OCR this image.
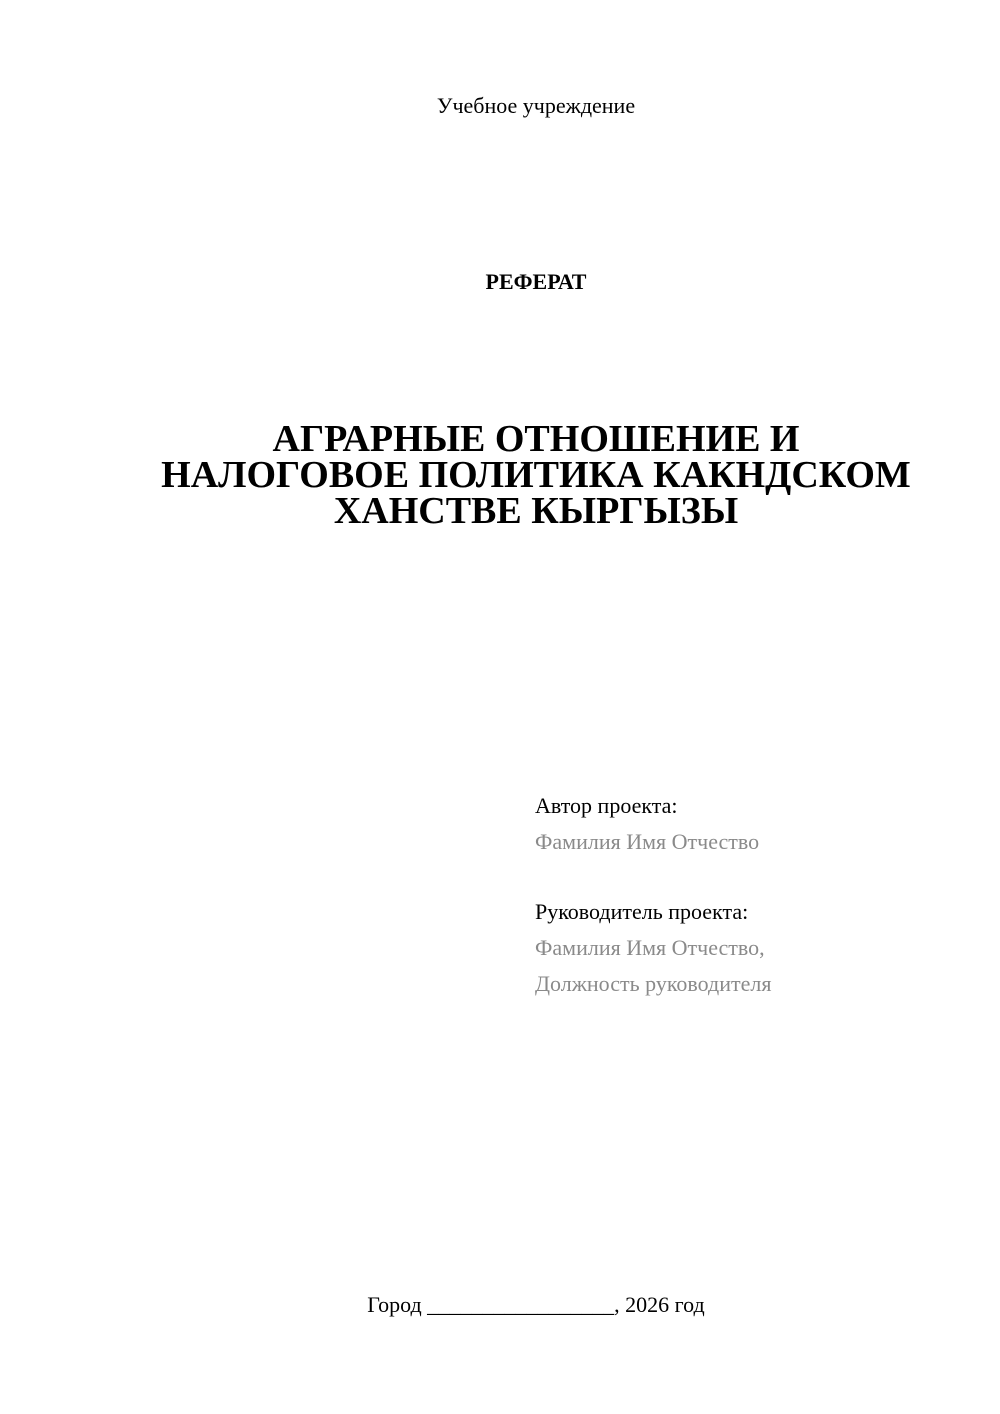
Учебное учреждение
РЕФЕРАТ
АГРАРНЫЕ ОТНОШЕНИЕ И
НАЛОГОВОЕ ПОЛИТИКА КАКНДСКОМ
ХАНСТВЕ КЫРГЫЗЫ
Автор проекта:
Фамилия Имя Отчество
Руководитель проекта:
Фамилия Имя Отчество,
Должность руководителя
Город _________________, 2026 год
